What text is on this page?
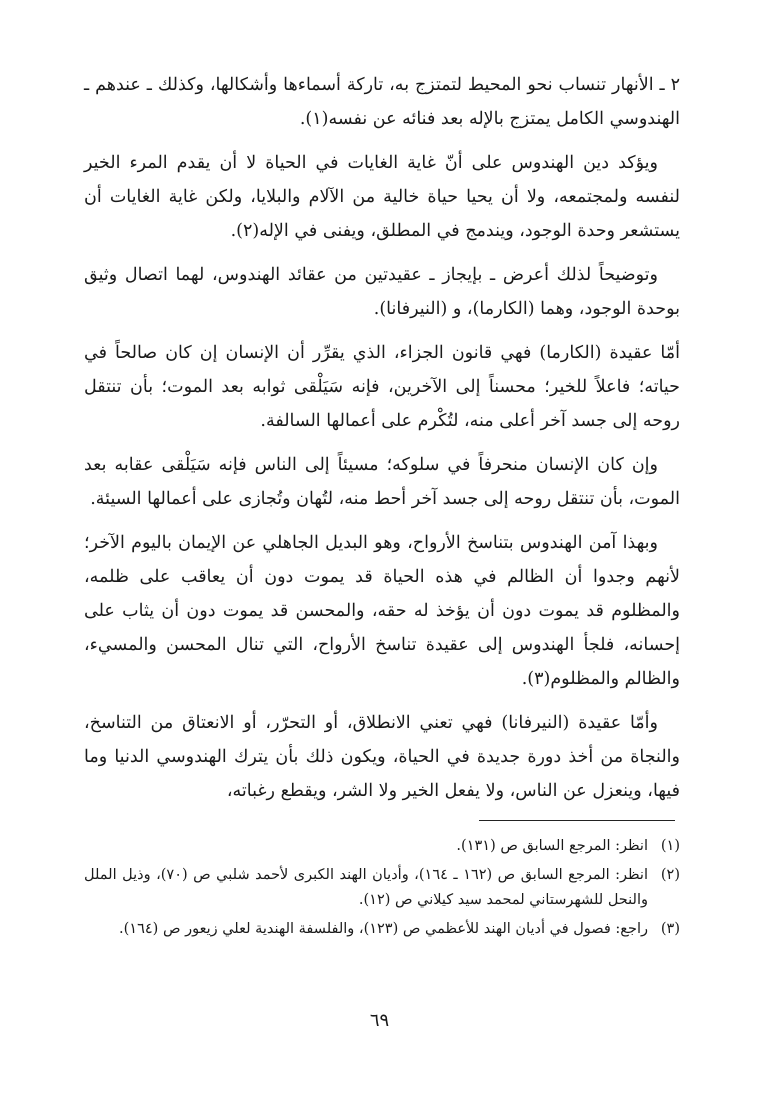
٢ ـ الأنهار تنساب نحو المحيط لتمتزج به، تاركة أسماءها وأشكالها، وكذلك ـ عندهم ـ الهندوسي الكامل يمتزج بالإله بعد فنائه عن نفسه(١).

ويؤكد دين الهندوس على أنّ غاية الغايات في الحياة لا أن يقدم المرء الخير لنفسه ولمجتمعه، ولا أن يحيا حياة خالية من الآلام والبلايا، ولكن غاية الغايات أن يستشعر وحدة الوجود، ويندمج في المطلق، ويفنى في الإله(٢).

وتوضيحاً لذلك أعرض ـ بإيجاز ـ عقيدتين من عقائد الهندوس، لهما اتصال وثيق بوحدة الوجود، وهما (الكارما)، و (النيرفانا).

أمّا عقيدة (الكارما) فهي قانون الجزاء، الذي يقرِّر أن الإنسان إن كان صالحاً في حياته؛ فاعلاً للخير؛ محسناً إلى الآخرين، فإنه سَيَلْقى ثوابه بعد الموت؛ بأن تنتقل روحه إلى جسد آخر أعلى منه، لتُكْرم على أعمالها السالفة.

وإن كان الإنسان منحرفاً في سلوكه؛ مسيئاً إلى الناس فإنه سَيَلْقى عقابه بعد الموت، بأن تنتقل روحه إلى جسد آخر أحط منه، لتُهان وتُجازى على أعمالها السيئة.

وبهذا آمن الهندوس بتناسخ الأرواح، وهو البديل الجاهلي عن الإيمان باليوم الآخر؛ لأنهم وجدوا أن الظالم في هذه الحياة قد يموت دون أن يعاقب على ظلمه، والمظلوم قد يموت دون أن يؤخذ له حقه، والمحسن قد يموت دون أن يثاب على إحسانه، فلجأ الهندوس إلى عقيدة تناسخ الأرواح، التي تنال المحسن والمسيء، والظالم والمظلوم(٣).

وأمّا عقيدة (النيرفانا) فهي تعني الانطلاق، أو التحرّر، أو الانعتاق من التناسخ، والنجاة من أخذ دورة جديدة في الحياة، ويكون ذلك بأن يترك الهندوسي الدنيا وما فيها، وينعزل عن الناس، ولا يفعل الخير ولا الشر، ويقطع رغباته،

(١)
انظر: المرجع السابق ص (١٣١).
(٢)
انظر: المرجع السابق ص (١٦٢ ـ ١٦٤)، وأديان الهند الكبرى لأحمد شلبي ص (٧٠)، وذيل الملل والنحل للشهرستاني لمحمد سيد كيلاني ص (١٢).
(٣)
راجع: فصول في أديان الهند للأعظمي ص (١٢٣)، والفلسفة الهندية لعلي زيعور ص (١٦٤).
٦٩
